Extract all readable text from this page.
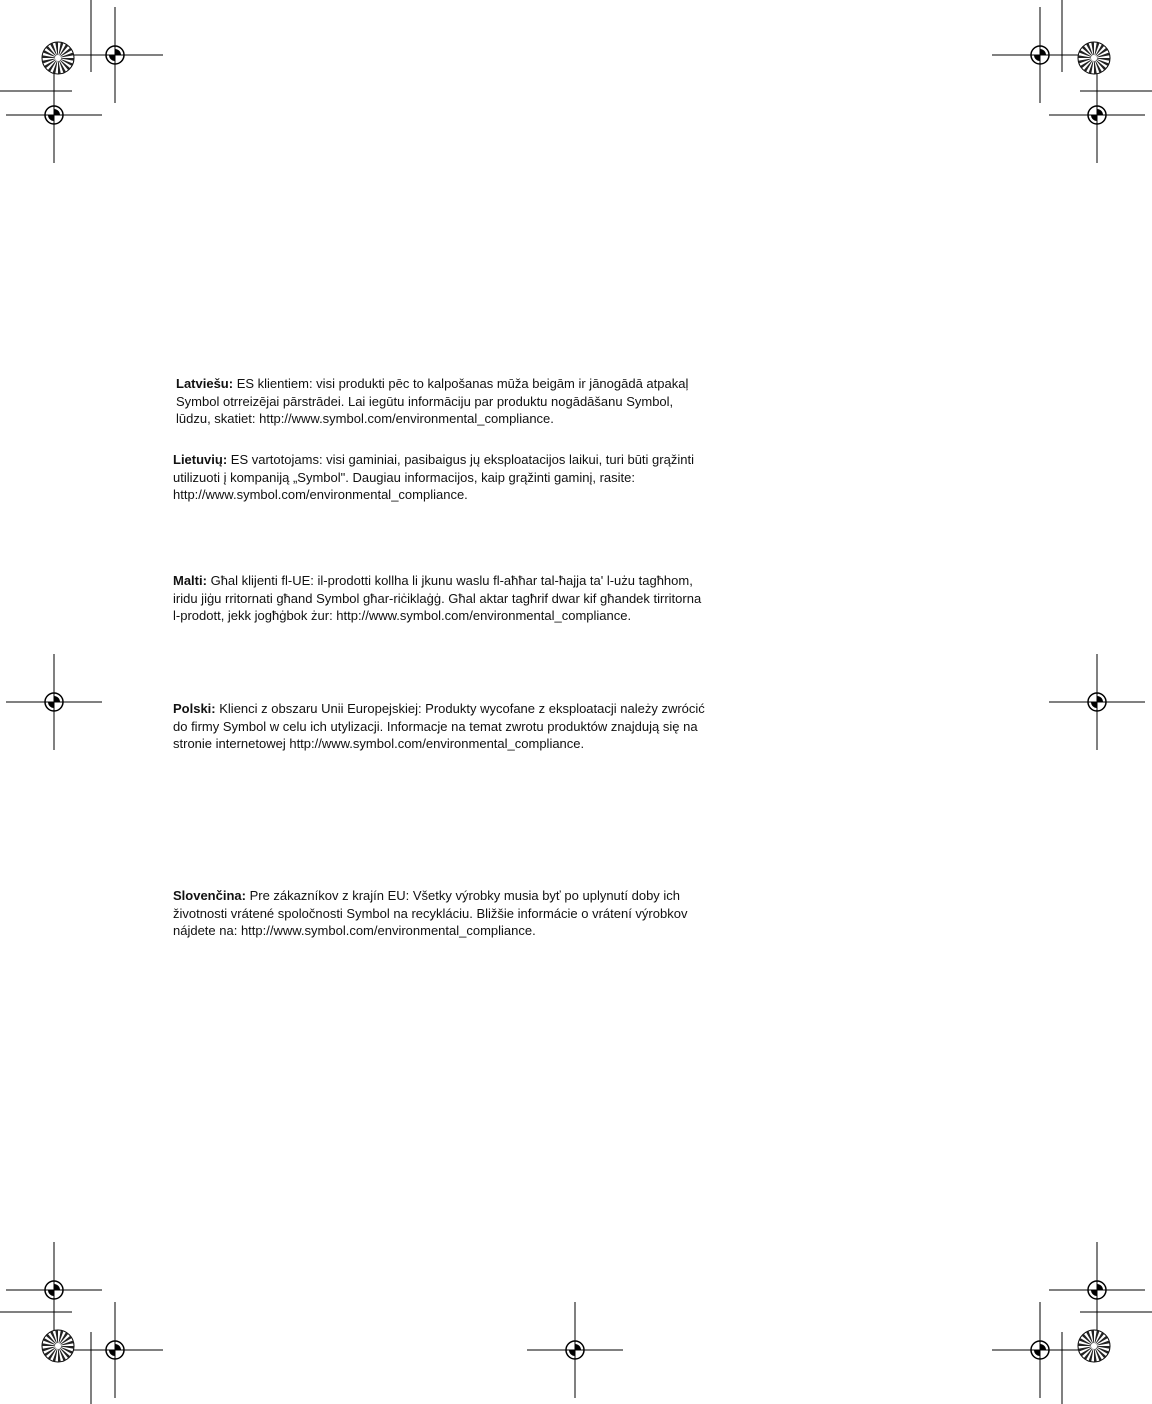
Latviešu: ES klientiem: visi produkti pēc to kalpošanas mūža beigām ir jānogādā atpakaļ
Symbol otrreizējai pārstrādei. Lai iegūtu informāciju par produktu nogādāšanu Symbol,
lūdzu, skatiet: http://www.symbol.com/environmental_compliance.
Lietuvių: ES vartotojams: visi gaminiai, pasibaigus jų eksploatacijos laikui, turi būti grąžinti
utilizuoti į kompaniją „Symbol". Daugiau informacijos, kaip grąžinti gaminį, rasite:
http://www.symbol.com/environmental_compliance.
Malti: Għal klijenti fl-UE: il-prodotti kollha li jkunu waslu fl-aħħar tal-ħajja ta' l-użu tagħhom,
iridu jiġu rritornati għand Symbol għar-riċiklaġġ. Għal aktar tagħrif dwar kif għandek tirritorna
l-prodott, jekk jogħġbok żur: http://www.symbol.com/environmental_compliance.
Polski: Klienci z obszaru Unii Europejskiej: Produkty wycofane z eksploatacji należy zwrócić
do firmy Symbol w celu ich utylizacji. Informacje na temat zwrotu produktów znajdują się na
stronie internetowej http://www.symbol.com/environmental_compliance.
Slovenčina: Pre zákazníkov z krajín EU: Všetky výrobky musia byť po uplynutí doby ich
životnosti vrátené spoločnosti Symbol na recykláciu. Bližšie informácie o vrátení výrobkov
nájdete na: http://www.symbol.com/environmental_compliance.
